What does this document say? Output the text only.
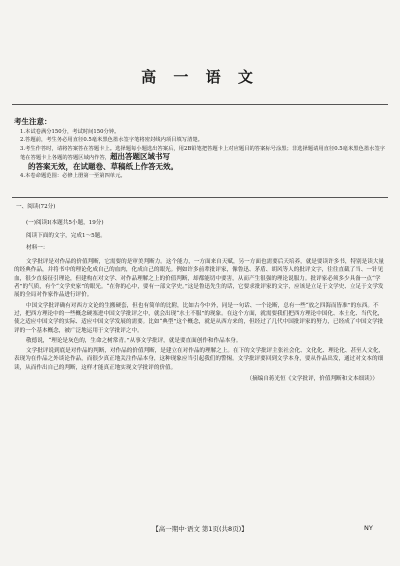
高 一 语 文
考生注意：

1.本试卷满分150分，考试时间150分钟。

2.答题前，考生务必用直径0.5毫米黑色墨水签字笔将密封线内项目填写清楚。

3.考生作答时，请将答案答在答题卡上。选择题每小题选出答案后，用2B铅笔把答题卡上对应题目的答案标号涂黑；非选择题请用直径0.5毫米黑色墨水签字笔在答题卡上各题的答题区域内作答，超出答题区域书写

的答案无效，在试题卷、草稿纸上作答无效。

4.本卷命题范围：必修上册第一至第四单元。

一、阅读(72分)

(一)阅读Ⅰ(本题共5小题，19分)

阅读下面的文字，完成1～5题。

材料一：

文学批评是对作品的价值判断，它需要的是审美判断力。这个能力，一方面来自天赋，另一方面也需要后天培养，就是要读许多书，特别是读大量的经典作品，并将书中的理论化成自己的血肉，化成自己的眼光。例如许多前辈批评家，像鲁迅、茅盾、胡风等人的批评文字，往往直截了当、一针见血，很少直接征引理论，但建构在对文学、对作品理解之上的价值判断，却都能切中要害，从而产生很强的理论说服力。批评家必须多少具备一点“学者”的气质，有个“文学史家”的眼光。“在你的心中，要有一部文学史。”这是鲁迅先生的话，它要求批评家的文字，应该是立足于文学史、立足于文学发展的全局对作家作品进行评价。

中国文学批评确有对西方文论的生搬硬套，但也有简单的比附，比如古今中外，同是一句话、一个论断，总有一些“放之四海而皆准”的东西。不过，把西方理论中的一些概念硬塞进中国文学批评之中，就会出现“水土不服”的现象。在这个方面，就需要我们把西方理论中国化、本土化、当代化，使之适应中国文学的实际、适应中国文学发展的需要。比如“典型”这个概念，就是从西方来的，但经过了几代中国批评家的努力，已经成了中国文学批评的一个基本概念，被广泛地运用于文学批评之中。

敬德说，“理论是灰色的，生命之树常青。”从事文学批评，就是要直面创作和作品本身。

文学批评说到底是对作品的判断，对作品的价值判断，是建立在对作品的理解之上。在下的文学批评主张社会化、文化化、理论化、甚至人文化，表现为在作品之外谈论作品，而很少真正地关注作品本身，这种现象应当引起我们的警惕。文学批评要回到文学本身，要从作品出发，通过对文本的细读，从而作出自己的判断，这样才能真正地实现文学批评的价值。

（摘编自蒋光恒《文学批评，价值判断和文本细读》）

【高一期中·语文 第1页(共8页)】	NY
